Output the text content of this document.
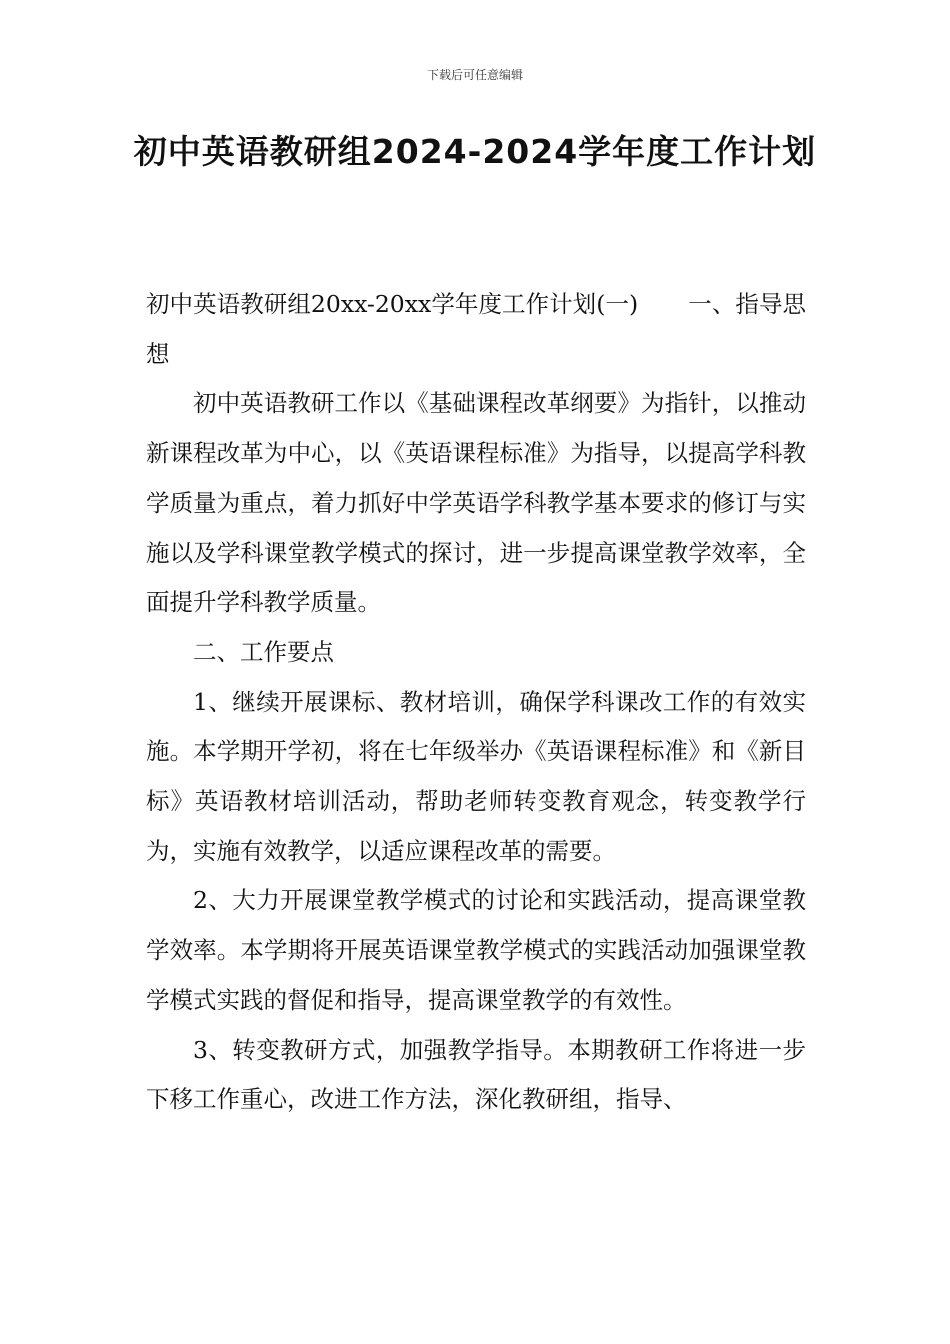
下载后可任意编辑
初中英语教研组2024-2024学年度工作计划

初中英语教研组20xx-20xx学年度工作计划(一) 一、指导思想

初中英语教研工作以《基础课程改革纲要》为指针，以推动新课程改革为中心，以《英语课程标准》为指导，以提高学科教学质量为重点，着力抓好中学英语学科教学基本要求的修订与实施以及学科课堂教学模式的探讨，进一步提高课堂教学效率，全面提升学科教学质量。

二、工作要点

1、继续开展课标、教材培训，确保学科课改工作的有效实施。本学期开学初，将在七年级举办《英语课程标准》和《新目标》英语教材培训活动，帮助老师转变教育观念，转变教学行为，实施有效教学，以适应课程改革的需要。

2、大力开展课堂教学模式的讨论和实践活动，提高课堂教学效率。本学期将开展英语课堂教学模式的实践活动加强课堂教学模式实践的督促和指导，提高课堂教学的有效性。

3、转变教研方式，加强教学指导。本期教研工作将进一步下移工作重心，改进工作方法，深化教研组，指导、
